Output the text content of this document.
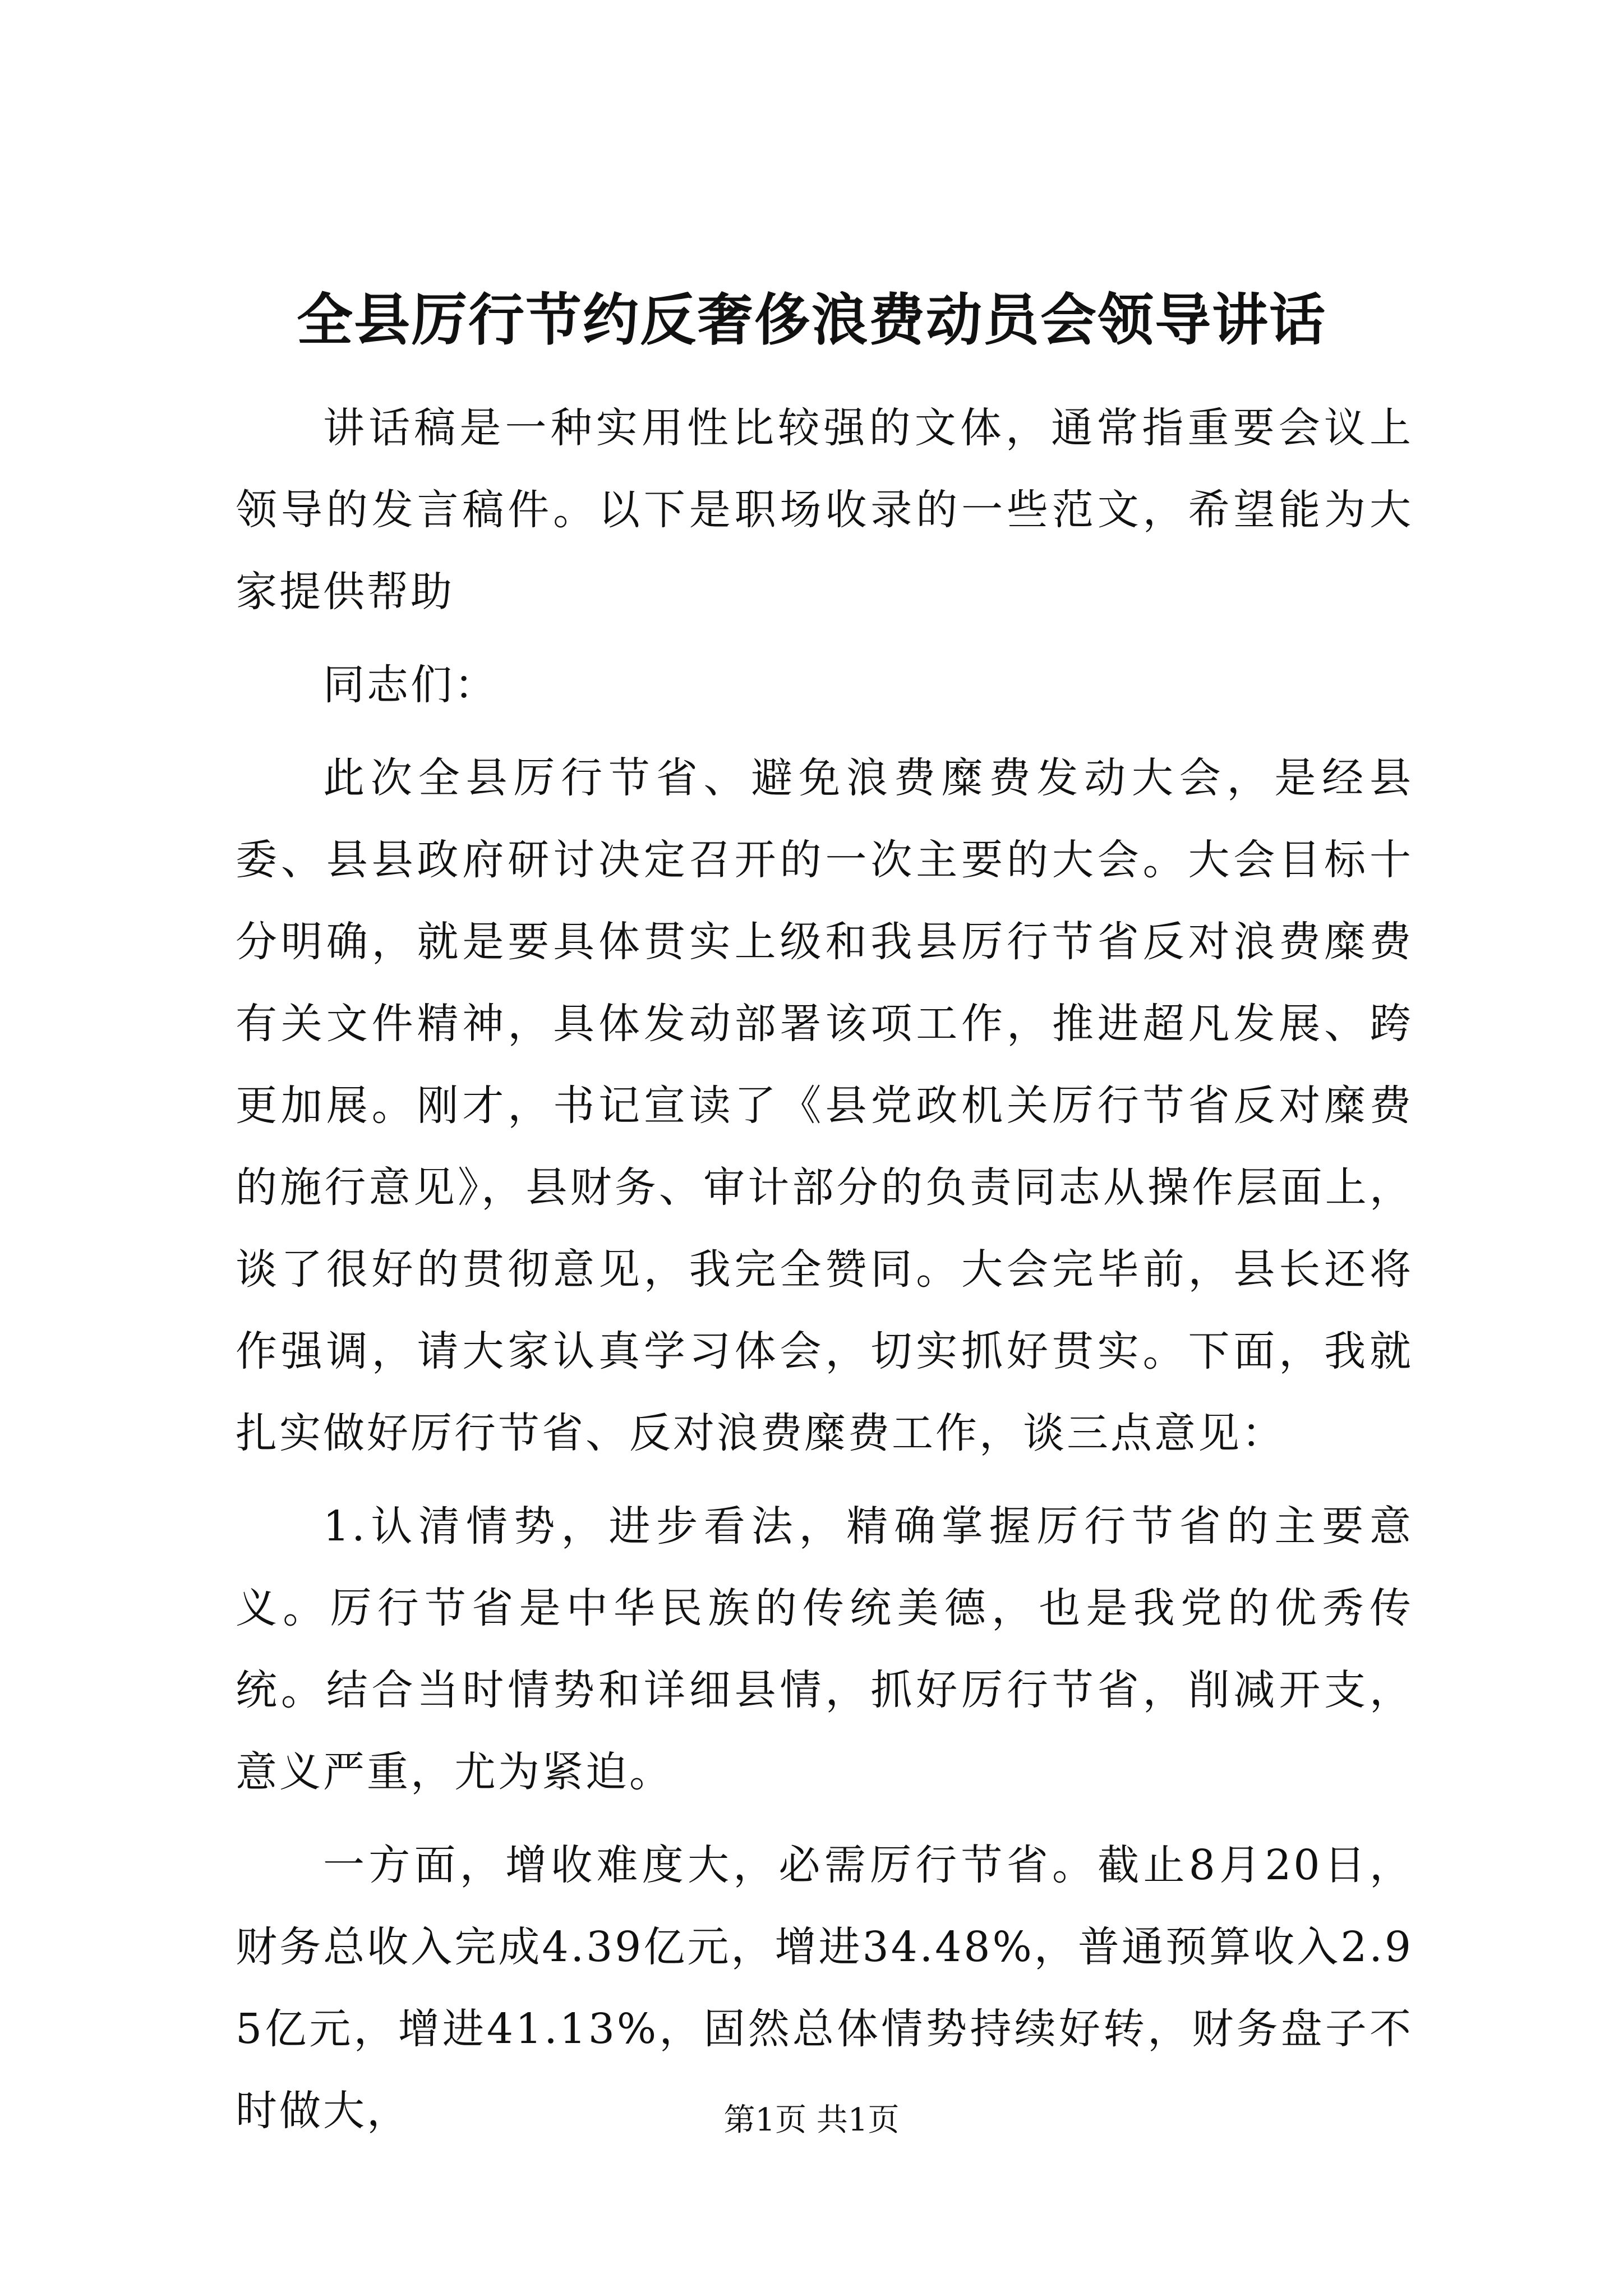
全县厉行节约反奢侈浪费动员会领导讲话

讲话稿是一种实用性比较强的文体，通常指重要会议上领导的发言稿件。以下是职场收录的一些范文，希望能为大家提供帮助

同志们：

此次全县厉行节省、避免浪费糜费发动大会，是经县委、县县政府研讨决定召开的一次主要的大会。大会目标十分明确，就是要具体贯实上级和我县厉行节省反对浪费糜费有关文件精神，具体发动部署该项工作，推进超凡发展、跨更加展。刚才，书记宣读了《县党政机关厉行节省反对糜费的施行意见》，县财务、审计部分的负责同志从操作层面上，谈了很好的贯彻意见，我完全赞同。大会完毕前，县长还将作强调，请大家认真学习体会，切实抓好贯实。下面，我就扎实做好厉行节省、反对浪费糜费工作，谈三点意见：

1.认清情势，进步看法，精确掌握厉行节省的主要意义。厉行节省是中华民族的传统美德，也是我党的优秀传统。结合当时情势和详细县情，抓好厉行节省，削减开支，意义严重，尤为紧迫。

一方面，增收难度大，必需厉行节省。截止8月20日，财务总收入完成4.39亿元，增进34.48%，普通预算收入2.95亿元，增进41.13%，固然总体情势持续好转，财务盘子不时做大，	第1页 共1页
